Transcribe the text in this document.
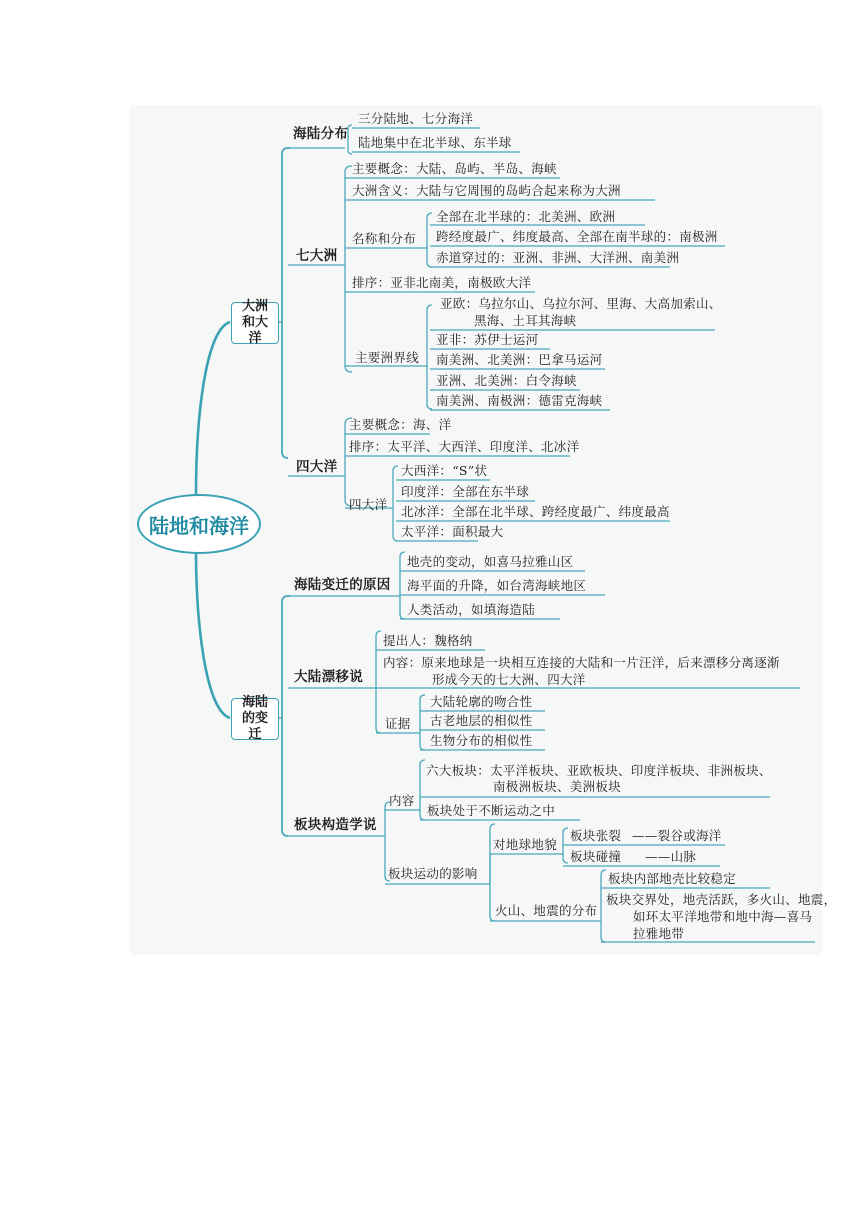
陆地和海洋
大洲和大洋
海陆的变迁
海陆分布
三分陆地、七分海洋
陆地集中在北半球、东半球
七大洲
主要概念：大陆、岛屿、半岛、海峡
大洲含义：大陆与它周围的岛屿合起来称为大洲
名称和分布
全部在北半球的：北美洲、欧洲
跨经度最广、纬度最高、全部在南半球的：南极洲
赤道穿过的：亚洲、非洲、大洋洲、南美洲
排序：亚非北南美，南极欧大洋
主要洲界线
亚欧：乌拉尔山、乌拉尔河、里海、大高加索山、
黑海、土耳其海峡
亚非：苏伊士运河
南美洲、北美洲：巴拿马运河
亚洲、北美洲：白令海峡
南美洲、南极洲：德雷克海峡
四大洋
主要概念：海、洋
排序：太平洋、大西洋、印度洋、北冰洋
四大洋
大西洋：“S”状
印度洋：全部在东半球
北冰洋：全部在北半球、跨经度最广、纬度最高
太平洋：面积最大
海陆变迁的原因
地壳的变动，如喜马拉雅山区
海平面的升降，如台湾海峡地区
人类活动，如填海造陆
大陆漂移说
提出人：魏格纳
内容：原来地球是一块相互连接的大陆和一片汪洋，后来漂移分离逐渐
形成今天的七大洲、四大洋
证据
大陆轮廓的吻合性
古老地层的相似性
生物分布的相似性
板块构造学说
内容
六大板块：太平洋板块、亚欧板块、印度洋板块、非洲板块、
南极洲板块、美洲板块
板块处于不断运动之中
板块运动的影响
对地球地貌
板块张裂 ——裂谷或海洋
板块碰撞 ——山脉
火山、地震的分布
板块内部地壳比较稳定
板块交界处，地壳活跃，多火山、地震，
如环太平洋地带和地中海—喜马
拉雅地带
